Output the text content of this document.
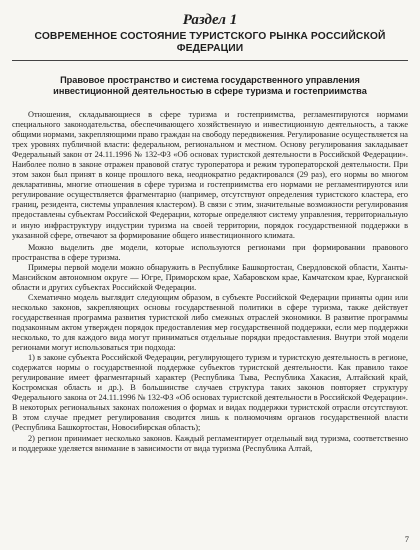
Раздел 1
СОВРЕМЕННОЕ СОСТОЯНИЕ ТУРИСТСКОГО РЫНКА РОССИЙСКОЙ ФЕДЕРАЦИИ
Правовое пространство и система государственного управления инвестиционной деятельностью в сфере туризма и гостеприимства

Отношения, складывающиеся в сфере туризма и гостеприимства, регламентируются нормами специального законодательства, обеспечивающего хозяйственную и инвестиционную деятельность, а также общими нормами, закрепляющими право граждан на свободу передвижения. Регулирование осуществляется на трех уровнях публичной власти: федеральном, региональном и местном. Основу регулирования закладывает Федеральный закон от 24.11.1996 № 132-ФЗ «Об основах туристской деятельности в Российской Федерации». Наиболее полно в законе отражен правовой статус туроператора и режим туроператорской деятельности. При этом закон был принят в конце прошлого века, неоднократно редактировался (29 раз), его нормы во многом декларативны, многие отношения в сфере туризма и гостеприимства его нормами не регламентируются или регулирование осуществляется фрагментарно (например, отсутствуют определения туристского кластера, его границ, резидента, системы управления кластером). В связи с этим, значительные возможности регулирования предоставлены субъектам Российской Федерации, которые определяют систему управления, территориальную и иную инфраструктуру индустрии туризма на своей территории, порядок государственной поддержки в указанной сфере, отвечают за формирование общего инвестиционного климата.

Можно выделить две модели, которые используются регионами при формировании правового пространства в сфере туризма.

Примеры первой модели можно обнаружить в Республике Башкортостан, Свердловской области, Ханты-Мансийском автономном округе — Югре, Приморском крае, Хабаровском крае, Камчатском крае, Курганской области и других субъектах Российской Федерации.

Схематично модель выглядит следующим образом, в субъекте Российской Федерации приняты один или несколько законов, закрепляющих основы государственной политики в сфере туризма, также действует государственная программа развития туристской либо смежных отраслей экономики. В развитие программы подзаконным актом утвержден порядок предоставления мер государственной поддержки, если мер поддержки несколько, то для каждого вида могут приниматься отдельные порядки предоставления. Внутри этой модели регионами могут использоваться три подхода:

1) в законе субъекта Российской Федерации, регулирующего туризм и туристскую деятельность в регионе, содержатся нормы о государственной поддержке субъектов туристской деятельности. Как правило такое регулирование имеет фрагментарный характер (Республика Тыва, Республика Хакасия, Алтайский край, Костромская область и др.). В большинстве случаев структура таких законов повторяет структуру Федерального закона от 24.11.1996 № 132-ФЗ «Об основах туристской деятельности в Российской Федерации». В некоторых региональных законах положения о формах и видах поддержки туристской отрасли отсутствуют. В этом случае предмет регулирования сводится лишь к полномочиям органов государственной власти (Республика Башкортостан, Новосибирская область);

2) регион принимает несколько законов. Каждый регламентирует отдельный вид туризма, соответственно и поддержке уделяется внимание в зависимости от вида туризма (Республика Алтай,

7
